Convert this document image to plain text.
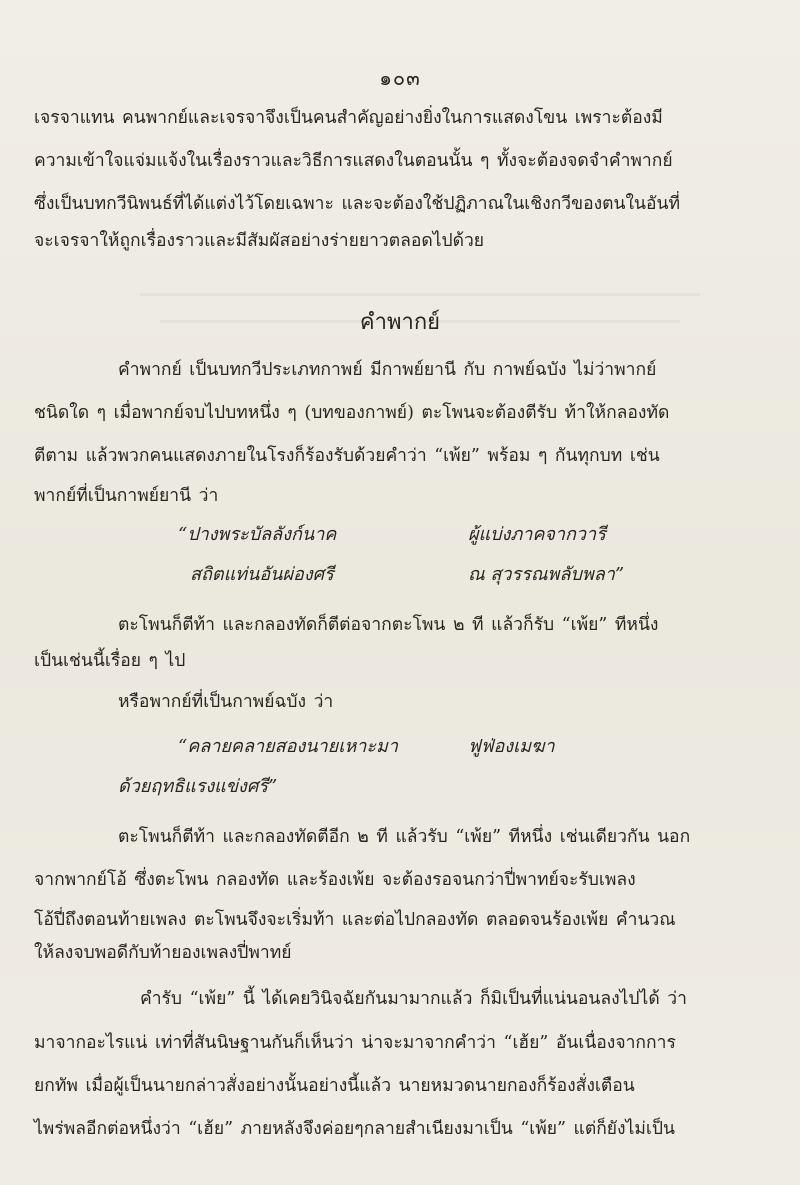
๑๐๓
เจรจาแทน คนพากย์และเจรจาจึงเป็นคนสำคัญอย่างยิ่งในการแสดงโขน เพราะต้องมี
ความเข้าใจแจ่มแจ้งในเรื่องราวและวิธีการแสดงในตอนนั้น ๆ ทั้งจะต้องจดจำคำพากย์
ซึ่งเป็นบทกวีนิพนธ์ที่ได้แต่งไว้โดยเฉพาะ และจะต้องใช้ปฏิภาณในเชิงกวีของตนในอันที่
จะเจรจาให้ถูกเรื่องราวและมีสัมผัสอย่างร่ายยาวตลอดไปด้วย
คำพากย์
คำพากย์ เป็นบทกวีประเภทกาพย์ มีกาพย์ยานี กับ กาพย์ฉบัง ไม่ว่าพากย์
ชนิดใด ๆ เมื่อพากย์จบไปบทหนึ่ง ๆ (บทของกาพย์) ตะโพนจะต้องตีรับ ท้าให้กลองทัด
ตีตาม แล้วพวกคนแสดงภายในโรงก็ร้องรับด้วยคำว่า “เพ้ย” พร้อม ๆ กันทุกบท เช่น
พากย์ที่เป็นกาพย์ยานี ว่า
“ปางพระบัลลังก์นาค	ผู้แบ่งภาคจากวารี
สถิตแท่นอันผ่องศรี	ณ สุวรรณพลับพลา”
ตะโพนก็ตีท้า และกลองทัดก็ตีต่อจากตะโพน ๒ ที แล้วก็รับ “เพ้ย” ทีหนึ่ง
เป็นเช่นนี้เรื่อย ๆ ไป
หรือพากย์ที่เป็นกาพย์ฉบัง ว่า
“คลายคลายสองนายเหาะมา	ฟูฟ่องเมฆา
ด้วยฤทธิแรงแข่งศรี”
ตะโพนก็ตีท้า และกลองทัดตีอีก ๒ ที แล้วรับ “เพ้ย” ทีหนึ่ง เช่นเดียวกัน นอก
จากพากย์โอ้ ซึ่งตะโพน กลองทัด และร้องเพ้ย จะต้องรอจนกว่าปี่พาทย์จะรับเพลง
โอ้ปี่ถึงตอนท้ายเพลง ตะโพนจึงจะเริ่มท้า และต่อไปกลองทัด ตลอดจนร้องเพ้ย คำนวณ
ให้ลงจบพอดีกับท้ายองเพลงปี่พาทย์
คำรับ “เพ้ย” นี้ ได้เคยวินิจฉัยกันมามากแล้ว ก็มิเป็นที่แน่นอนลงไปได้ ว่า
มาจากอะไรแน่ เท่าที่สันนิษฐานกันก็เห็นว่า น่าจะมาจากคำว่า “เฮ้ย” อันเนื่องจากการ
ยกทัพ เมื่อผู้เป็นนายกล่าวสั่งอย่างนั้นอย่างนี้แล้ว นายหมวดนายกองก็ร้องสั่งเตือน
ไพร่พลอีกต่อหนึ่งว่า “เฮ้ย” ภายหลังจึงค่อยๆกลายสำเนียงมาเป็น “เพ้ย” แต่ก็ยังไม่เป็น
